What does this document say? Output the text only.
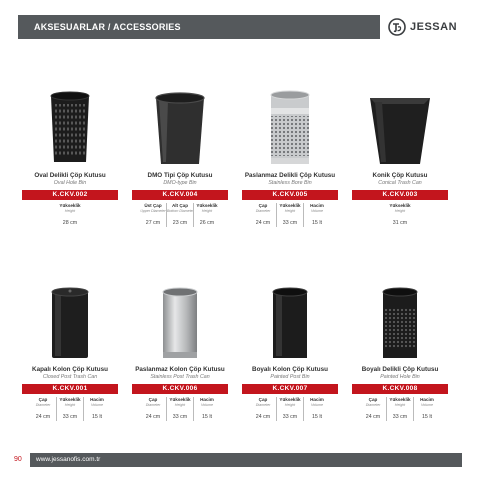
AKSESUARLAR / ACCESSORIES	JESSAN
Oval Delikli Çöp Kutusu
Oval Hole Bin
K.CKV.002
Yükseklik
Height
28 cm
DMO Tipi Çöp Kutusu
DMO-type Bin
K.CKV.004
Üst Çap
Upper Diameter
27 cm
Alt Çap
Bottom Diameter
23 cm
Yükseklik
Height
26 cm
Paslanmaz Delikli Çöp Kutusu
Stainless Bore Bin
K.CKV.005
Çap
Diameter
24 cm
Yükseklik
Height
33 cm
Hacim
Volume
15 lt
Konik Çöp Kutusu
Conical Trash Can
K.CKV.003
Yükseklik
Height
31 cm
Kapalı Kolon Çöp Kutusu
Closed Post Trash Can
K.CKV.001
Çap
Diameter
24 cm
Yükseklik
Height
33 cm
Hacim
Volume
15 lt
Paslanmaz Kolon Çöp Kutusu
Stainless Post Trash Can
K.CKV.006
Çap
Diameter
24 cm
Yükseklik
Height
33 cm
Hacim
Volume
15 lt
Boyalı Kolon Çöp Kutusu
Painted Post Bin
K.CKV.007
Çap
Diameter
24 cm
Yükseklik
Height
33 cm
Hacim
Volume
15 lt
Boyalı Delikli Çöp Kutusu
Painted Hole Bin
K.CKV.008
Çap
Diameter
24 cm
Yükseklik
Height
33 cm
Hacim
Volume
15 lt
90 www.jessanofis.com.tr
